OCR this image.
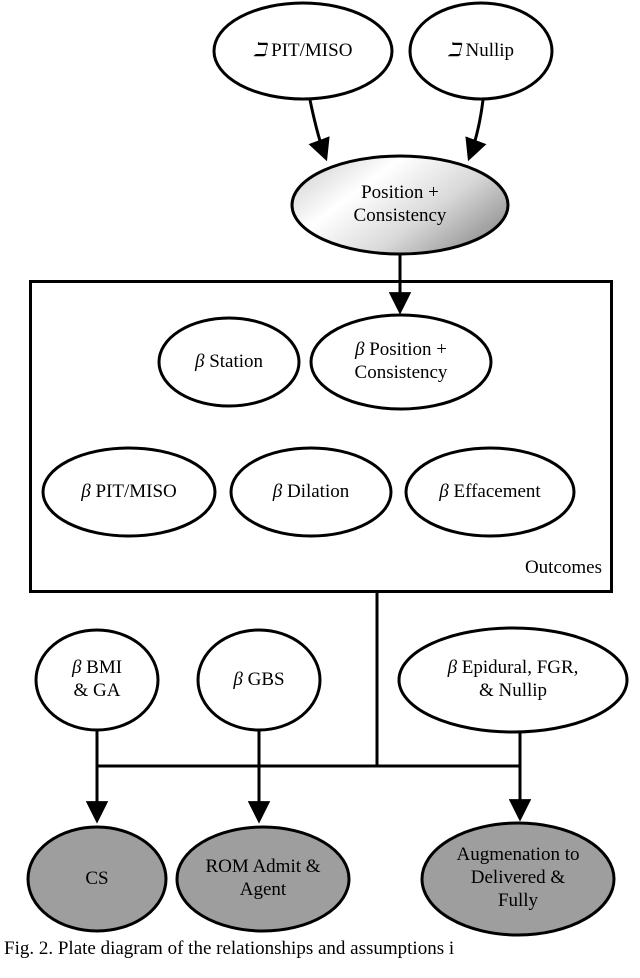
ℶ PIT/MISO	ℶ Nullip
Position +
Consistency
β Station
β Position +
Consistency
β PIT/MISO	β Dilation	β Effacement
Outcomes
β BMI
& GA
β GBS
β Epidural, FGR,
& Nullip
CS
ROM Admit &
Agent
Augmenation to
Delivered &
Fully
Fig. 2. Plate diagram of the relationships and assumptions i
